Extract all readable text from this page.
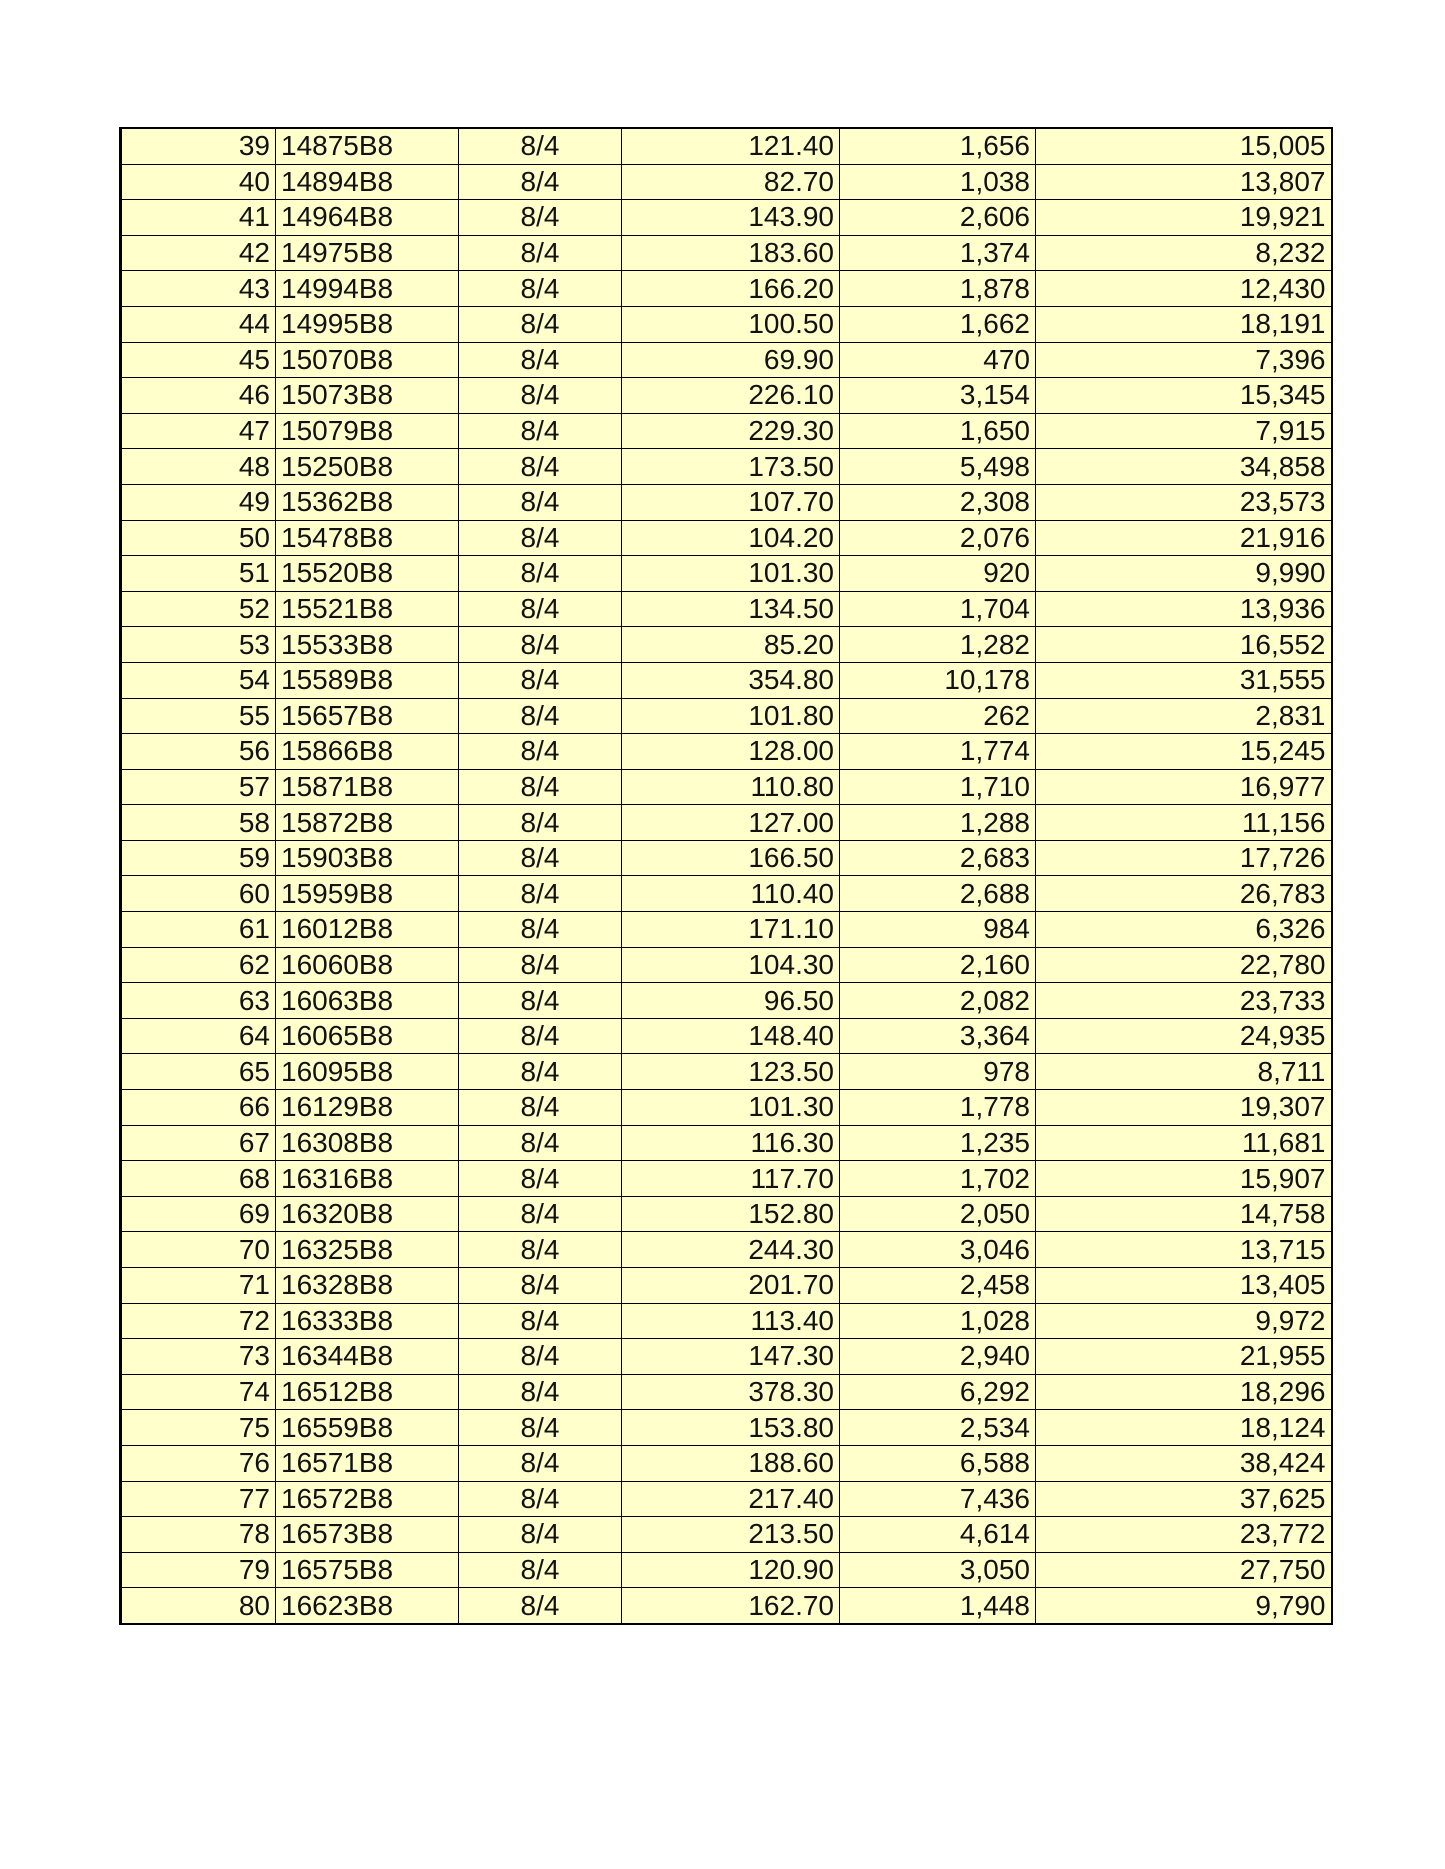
39	14875B8	8/4	121.40	1,656	15,005
40	14894B8	8/4	82.70	1,038	13,807
41	14964B8	8/4	143.90	2,606	19,921
42	14975B8	8/4	183.60	1,374	8,232
43	14994B8	8/4	166.20	1,878	12,430
44	14995B8	8/4	100.50	1,662	18,191
45	15070B8	8/4	69.90	470	7,396
46	15073B8	8/4	226.10	3,154	15,345
47	15079B8	8/4	229.30	1,650	7,915
48	15250B8	8/4	173.50	5,498	34,858
49	15362B8	8/4	107.70	2,308	23,573
50	15478B8	8/4	104.20	2,076	21,916
51	15520B8	8/4	101.30	920	9,990
52	15521B8	8/4	134.50	1,704	13,936
53	15533B8	8/4	85.20	1,282	16,552
54	15589B8	8/4	354.80	10,178	31,555
55	15657B8	8/4	101.80	262	2,831
56	15866B8	8/4	128.00	1,774	15,245
57	15871B8	8/4	110.80	1,710	16,977
58	15872B8	8/4	127.00	1,288	11,156
59	15903B8	8/4	166.50	2,683	17,726
60	15959B8	8/4	110.40	2,688	26,783
61	16012B8	8/4	171.10	984	6,326
62	16060B8	8/4	104.30	2,160	22,780
63	16063B8	8/4	96.50	2,082	23,733
64	16065B8	8/4	148.40	3,364	24,935
65	16095B8	8/4	123.50	978	8,711
66	16129B8	8/4	101.30	1,778	19,307
67	16308B8	8/4	116.30	1,235	11,681
68	16316B8	8/4	117.70	1,702	15,907
69	16320B8	8/4	152.80	2,050	14,758
70	16325B8	8/4	244.30	3,046	13,715
71	16328B8	8/4	201.70	2,458	13,405
72	16333B8	8/4	113.40	1,028	9,972
73	16344B8	8/4	147.30	2,940	21,955
74	16512B8	8/4	378.30	6,292	18,296
75	16559B8	8/4	153.80	2,534	18,124
76	16571B8	8/4	188.60	6,588	38,424
77	16572B8	8/4	217.40	7,436	37,625
78	16573B8	8/4	213.50	4,614	23,772
79	16575B8	8/4	120.90	3,050	27,750
80	16623B8	8/4	162.70	1,448	9,790
